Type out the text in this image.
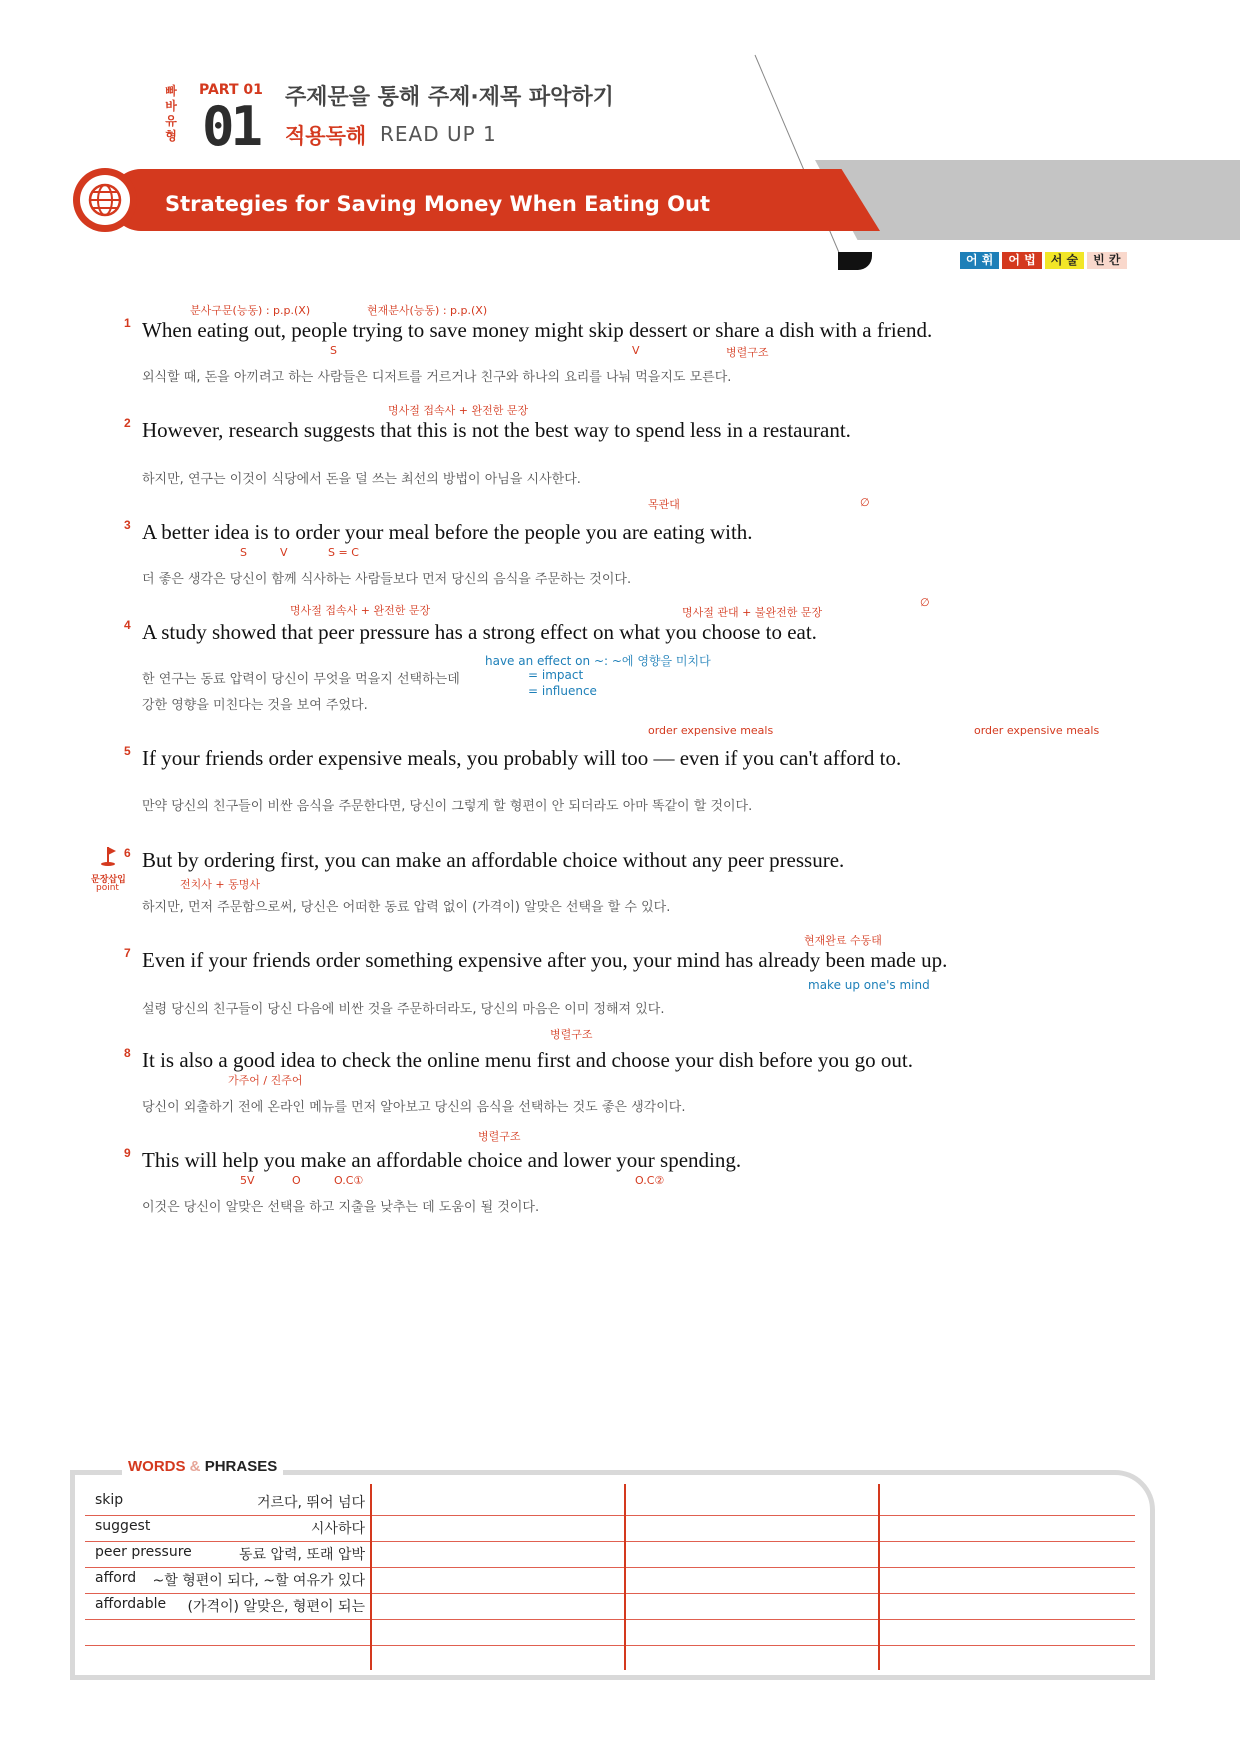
빠바유형
PART 01
01 주제문을 통해 주제·제목 파악하기
적용독해 READ UP 1
Strategies for Saving Money When Eating Out
어 휘	어 법	서 술	빈 칸
분사구문(능동) : p.p.(X)	현재분사(능동) : p.p.(X)
1 When eating out, people trying to save money might skip dessert or share a dish with a friend.
S	V	병렬구조
외식할 때, 돈을 아끼려고 하는 사람들은 디저트를 거르거나 친구와 하나의 요리를 나눠 먹을지도 모른다.
명사절 접속사 + 완전한 문장
2 However, research suggests that this is not the best way to spend less in a restaurant.
하지만, 연구는 이것이 식당에서 돈을 덜 쓰는 최선의 방법이 아님을 시사한다.
목관대	∅
3 A better idea is to order your meal before the people you are eating with.
S	V	S = C
더 좋은 생각은 당신이 함께 식사하는 사람들보다 먼저 당신의 음식을 주문하는 것이다.
명사절 접속사 + 완전한 문장	명사절 관대 + 불완전한 문장
∅
4 A study showed that peer pressure has a strong effect on what you choose to eat.
have an effect on ~: ~에 영향을 미치다
= impact
= influence
한 연구는 동료 압력이 당신이 무엇을 먹을지 선택하는데
강한 영향을 미친다는 것을 보여 주었다.
order expensive meals	order expensive meals
5 If your friends order expensive meals, you probably will too — even if you can't afford to.
만약 당신의 친구들이 비싼 음식을 주문한다면, 당신이 그렇게 할 형편이 안 되더라도 아마 똑같이 할 것이다.
문장삽입
point
6 But by ordering first, you can make an affordable choice without any peer pressure.
전치사 + 동명사
하지만, 먼저 주문함으로써, 당신은 어떠한 동료 압력 없이 (가격이) 알맞은 선택을 할 수 있다.
현재완료 수동태
7 Even if your friends order something expensive after you, your mind has already been made up.
make up one's mind
설령 당신의 친구들이 당신 다음에 비싼 것을 주문하더라도, 당신의 마음은 이미 정해져 있다.
병렬구조
8 It is also a good idea to check the online menu first and choose your dish before you go out.
가주어 / 진주어
당신이 외출하기 전에 온라인 메뉴를 먼저 알아보고 당신의 음식을 선택하는 것도 좋은 생각이다.
병렬구조
9 This will help you make an affordable choice and lower your spending.
5V	O	O.C①	O.C②
이것은 당신이 알맞은 선택을 하고 지출을 낮추는 데 도움이 될 것이다.
WORDS & PHRASES
skip	거르다, 뛰어 넘다
suggest	시사하다
peer pressure	동료 압력, 또래 압박
afford ~할 형편이 되다, ~할 여유가 있다
affordable (가격이) 알맞은, 형편이 되는
